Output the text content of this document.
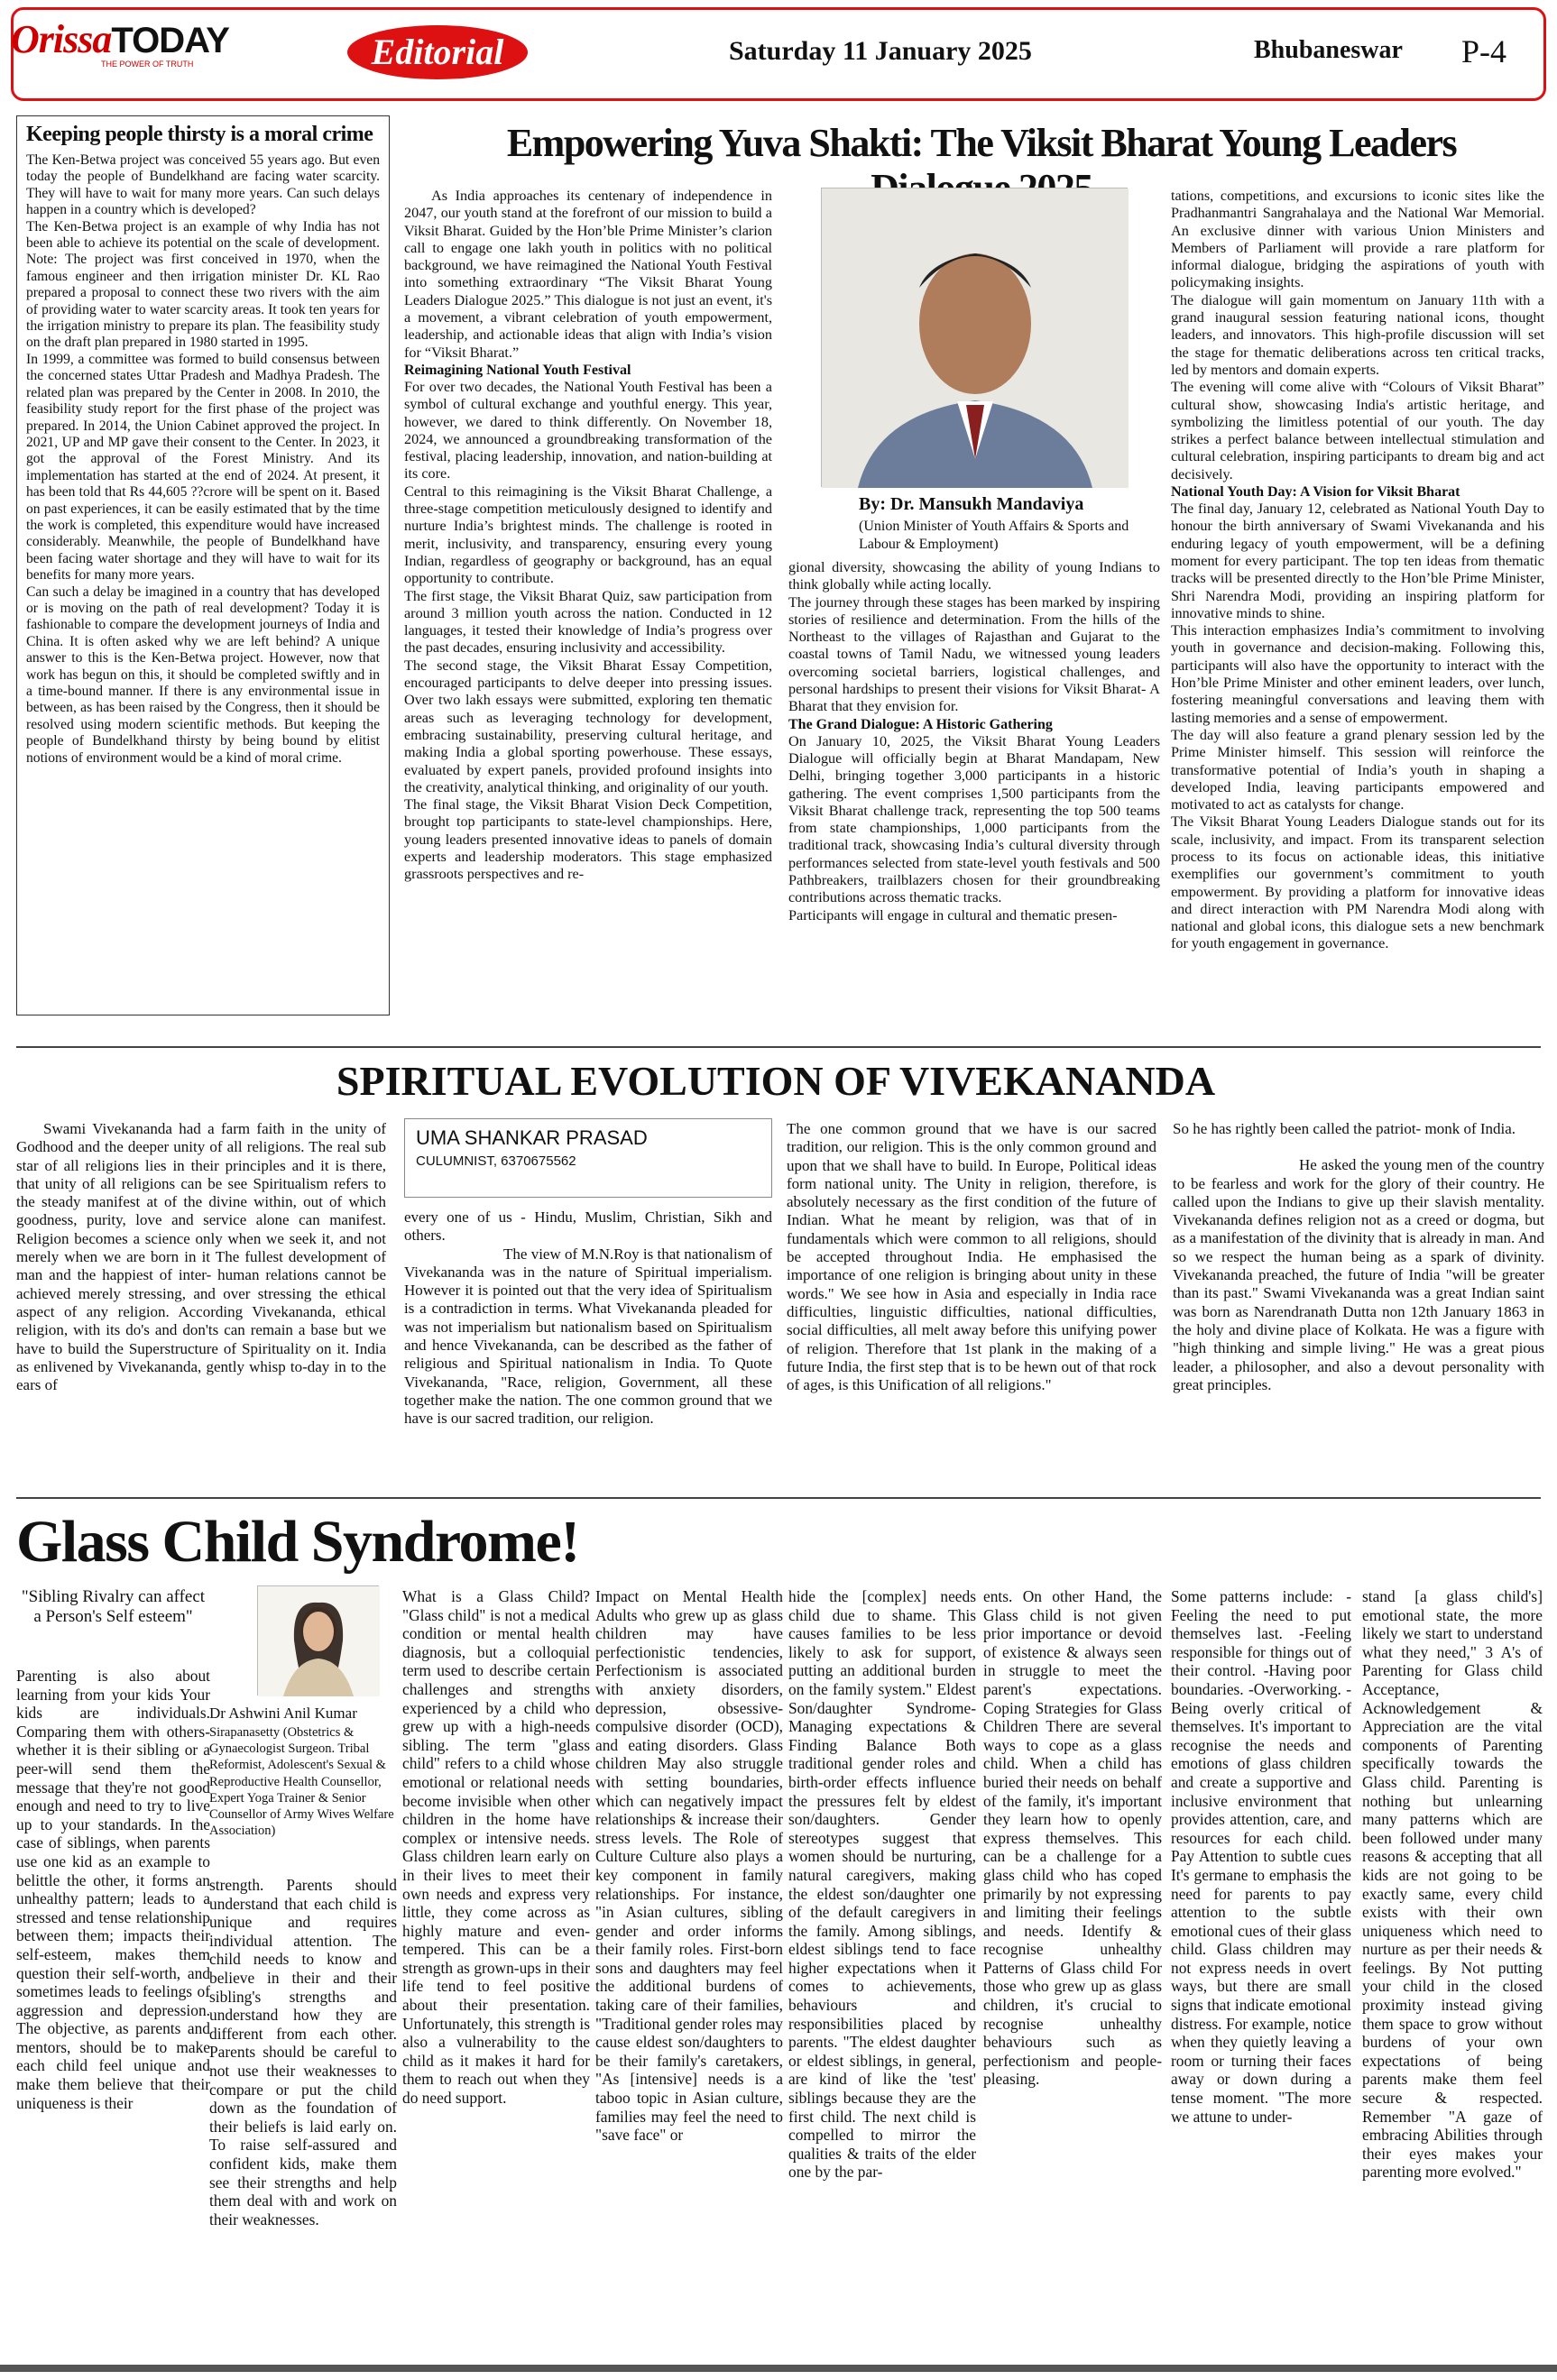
OrissaTODAY
THE POWER OF TRUTH	Editorial	Saturday 11 January 2025	Bhubaneswar P-4
Keeping people thirsty is a moral crime

The Ken-Betwa project was conceived 55 years ago. But even today the people of Bundelkhand are facing water scarcity. They will have to wait for many more years. Can such delays happen in a country which is developed?

The Ken-Betwa project is an example of why India has not been able to achieve its potential on the scale of development. Note: The project was first conceived in 1970, when the famous engineer and then irrigation minister Dr. KL Rao prepared a proposal to connect these two rivers with the aim of providing water to water scarcity areas. It took ten years for the irrigation ministry to prepare its plan. The feasibility study on the draft plan prepared in 1980 started in 1995.

In 1999, a committee was formed to build consensus between the concerned states Uttar Pradesh and Madhya Pradesh. The related plan was prepared by the Center in 2008. In 2010, the feasibility study report for the first phase of the project was prepared. In 2014, the Union Cabinet approved the project. In 2021, UP and MP gave their consent to the Center. In 2023, it got the approval of the Forest Ministry. And its implementation has started at the end of 2024. At present, it has been told that Rs 44,605 ??crore will be spent on it. Based on past experiences, it can be easily estimated that by the time the work is completed, this expenditure would have increased considerably. Meanwhile, the people of Bundelkhand have been facing water shortage and they will have to wait for its benefits for many more years.

Can such a delay be imagined in a country that has developed or is moving on the path of real development? Today it is fashionable to compare the development journeys of India and China. It is often asked why we are left behind? A unique answer to this is the Ken-Betwa project. However, now that work has begun on this, it should be completed swiftly and in a time-bound manner. If there is any environmental issue in between, as has been raised by the Congress, then it should be resolved using modern scientific methods. But keeping the people of Bundelkhand thirsty by being bound by elitist notions of environment would be a kind of moral crime.

Empowering Yuva Shakti: The Viksit Bharat Young Leaders

As India approaches its centenary of independence in 2047, our youth stand at the forefront of our mission to build a Viksit Bharat. Guided by the Hon’ble Prime Minister’s clarion call to engage one lakh youth in politics with no political background, we have reimagined the National Youth Festival into something extraordinary “The Viksit Bharat Young Leaders Dialogue 2025.” This dialogue is not just an event, it's a movement, a vibrant celebration of youth empowerment, leadership, and actionable ideas that align with India’s vision for “Viksit Bharat.”

Reimagining National Youth Festival

For over two decades, the National Youth Festival has been a symbol of cultural exchange and youthful energy. This year, however, we dared to think differently. On November 18, 2024, we announced a groundbreaking transformation of the festival, placing leadership, innovation, and nation-building at its core.

Central to this reimagining is the Viksit Bharat Challenge, a three-stage competition meticulously designed to identify and nurture India’s brightest minds. The challenge is rooted in merit, inclusivity, and transparency, ensuring every young Indian, regardless of geography or background, has an equal opportunity to contribute.

The first stage, the Viksit Bharat Quiz, saw participation from around 3 million youth across the nation. Conducted in 12 languages, it tested their knowledge of India’s progress over the past decades, ensuring inclusivity and accessibility.

The second stage, the Viksit Bharat Essay Competition, encouraged participants to delve deeper into pressing issues. Over two lakh essays were submitted, exploring ten thematic areas such as leveraging technology for development, embracing sustainability, preserving cultural heritage, and making India a global sporting powerhouse. These essays, evaluated by expert panels, provided profound insights into the creativity, analytical thinking, and originality of our youth.

The final stage, the Viksit Bharat Vision Deck Competition, brought top participants to state-level championships. Here, young leaders presented innovative ideas to panels of domain experts and leadership moderators. This stage emphasized grassroots perspectives and re-

By: Dr. Mansukh Mandaviya
(Union Minister of Youth Affairs & Sports and Labour & Employment)

gional diversity, showcasing the ability of young Indians to think globally while acting locally.

The journey through these stages has been marked by inspiring stories of resilience and determination. From the hills of the Northeast to the villages of Rajasthan and Gujarat to the coastal towns of Tamil Nadu, we witnessed young leaders overcoming societal barriers, logistical challenges, and personal hardships to present their visions for Viksit Bharat- A Bharat that they envision for.

The Grand Dialogue: A Historic Gathering

On January 10, 2025, the Viksit Bharat Young Leaders Dialogue will officially begin at Bharat Mandapam, New Delhi, bringing together 3,000 participants in a historic gathering. The event comprises 1,500 participants from the Viksit Bharat challenge track, representing the top 500 teams from state championships, 1,000 participants from the traditional track, showcasing India’s cultural diversity through performances selected from state-level youth festivals and 500 Pathbreakers, trailblazers chosen for their groundbreaking contributions across thematic tracks.

Participants will engage in cultural and thematic presen-

tations, competitions, and excursions to iconic sites like the Pradhanmantri Sangrahalaya and the National War Memorial. An exclusive dinner with various Union Ministers and Members of Parliament will provide a rare platform for informal dialogue, bridging the aspirations of youth with policymaking insights.

The dialogue will gain momentum on January 11th with a grand inaugural session featuring national icons, thought leaders, and innovators. This high-profile discussion will set the stage for thematic deliberations across ten critical tracks, led by mentors and domain experts.

The evening will come alive with “Colours of Viksit Bharat” cultural show, showcasing India's artistic heritage, and symbolizing the limitless potential of our youth. The day strikes a perfect balance between intellectual stimulation and cultural celebration, inspiring participants to dream big and act decisively.

National Youth Day: A Vision for Viksit Bharat

The final day, January 12, celebrated as National Youth Day to honour the birth anniversary of Swami Vivekananda and his enduring legacy of youth empowerment, will be a defining moment for every participant. The top ten ideas from thematic tracks will be presented directly to the Hon’ble Prime Minister, Shri Narendra Modi, providing an inspiring platform for innovative minds to shine.

This interaction emphasizes India’s commitment to involving youth in governance and decision-making. Following this, participants will also have the opportunity to interact with the Hon’ble Prime Minister and other eminent leaders, over lunch, fostering meaningful conversations and leaving them with lasting memories and a sense of empowerment.

The day will also feature a grand plenary session led by the Prime Minister himself. This session will reinforce the transformative potential of India’s youth in shaping a developed India, leaving participants empowered and motivated to act as catalysts for change.

The Viksit Bharat Young Leaders Dialogue stands out for its scale, inclusivity, and impact. From its transparent selection process to its focus on actionable ideas, this initiative exemplifies our government’s commitment to youth empowerment. By providing a platform for innovative ideas and direct interaction with PM Narendra Modi along with national and global icons, this dialogue sets a new benchmark for youth engagement in governance.

SPIRITUAL EVOLUTION OF VIVEKANANDA

Swami Vivekananda had a farm faith in the unity of Godhood and the deeper unity of all religions. The real sub star of all religions lies in their principles and it is there, that unity of all religions can be see Spiritualism refers to the steady manifest at of the divine within, out of which goodness, purity, love and service alone can manifest. Religion becomes a science only when we seek it, and not merely when we are born in it The fullest development of man and the happiest of inter- human relations cannot be achieved merely stressing, and over stressing the ethical aspect of any religion. According Vivekananda, ethical religion, with its do's and don'ts can remain a base but we have to build the Superstructure of Spirituality on it. India as enlivened by Vivekananda, gently whisp to-day in to the ears of

UMA SHANKAR PRASAD
CULUMNIST, 6370675562

every one of us - Hindu, Muslim, Christian, Sikh and others.

The view of M.N.Roy is that nationalism of Vivekananda was in the nature of Spiritual imperialism. However it is pointed out that the very idea of Spiritualism is a contradiction in terms. What Vivekananda pleaded for was not imperialism but nationalism based on Spiritualism and hence Vivekananda, can be described as the father of religious and Spiritual nationalism in India. To Quote Vivekananda, "Race, religion, Government, all these together make the nation. The one common ground that we have is our sacred tradition, our religion.

The one common ground that we have is our sacred tradition, our religion. This is the only common ground and upon that we shall have to build. In Europe, Political ideas form national unity. The Unity in religion, therefore, is absolutely necessary as the first condition of the future of Indian. What he meant by religion, was that of in fundamentals which were common to all religions, should be accepted throughout India. He emphasised the importance of one religion is bringing about unity in these words." We see how in Asia and especially in India race difficulties, linguistic difficulties, national difficulties, social difficulties, all melt away before this unifying power of religion. Therefore that 1st plank in the making of a future India, the first step that is to be hewn out of that rock of ages, is this Unification of all religions."

So he has rightly been called the patriot- monk of India.

He asked the young men of the country to be fearless and work for the glory of their country. He called upon the Indians to give up their slavish mentality. Vivekananda defines religion not as a creed or dogma, but as a manifestation of the divinity that is already in man. And so we respect the human being as a spark of divinity. Vivekananda preached, the future of India "will be greater than its past." Swami Vivekananda was a great Indian saint was born as Narendranath Dutta non 12th January 1863 in the holy and divine place of Kolkata. He was a figure with "high thinking and simple living." He was a great pious leader, a philosopher, and also a devout personality with great principles.

Glass Child Syndrome!
"Sibling Rivalry can affect a Person's Self esteem"

Parenting is also about learning from your kids Your kids are individuals. Comparing them with others-whether it is their sibling or a peer-will send them the message that they're not good enough and need to try to live up to your standards. In the case of siblings, when parents use one kid as an example to belittle the other, it forms an unhealthy pattern; leads to a stressed and tense relationship between them; impacts their self-esteem, makes them question their self-worth, and sometimes leads to feelings of aggression and depression. The objective, as parents and mentors, should be to make each child feel unique and make them believe that their uniqueness is their

Dr Ashwini Anil Kumar
Sirapanasetty (Obstetrics & Gynaecologist Surgeon. Tribal Reformist, Adolescent's Sexual & Reproductive Health Counsellor, Expert Yoga Trainer & Senior Counsellor of Army Wives Welfare Association)

strength. Parents should understand that each child is unique and requires individual attention. The child needs to know and believe in their and their sibling's strengths and understand how they are different from each other. Parents should be careful to not use their weaknesses to compare or put the child down as the foundation of their beliefs is laid early on. To raise self-assured and confident kids, make them see their strengths and help them deal with and work on their weaknesses.

What is a Glass Child? "Glass child" is not a medical condition or mental health diagnosis, but a colloquial term used to describe certain challenges and strengths experienced by a child who grew up with a high-needs sibling. The term "glass child" refers to a child whose emotional or relational needs become invisible when other children in the home have complex or intensive needs. Glass children learn early on in their lives to meet their own needs and express very little, they come across as highly mature and even-tempered. This can be a strength as grown-ups in their life tend to feel positive about their presentation. Unfortunately, this strength is also a vulnerability to the child as it makes it hard for them to reach out when they do need support.

Impact on Mental Health Adults who grew up as glass children may have perfectionistic tendencies, Perfectionism is associated with anxiety disorders, depression, obsessive-compulsive disorder (OCD), and eating disorders. Glass children May also struggle with setting boundaries, which can negatively impact relationships & increase their stress levels. The Role of Culture Culture also plays a key component in family relationships. For instance, "in Asian cultures, sibling gender and order informs their family roles. First-born sons and daughters may feel the additional burdens of taking care of their families, "Traditional gender roles may cause eldest son/daughters to be their family's caretakers, "As [intensive] needs is a taboo topic in Asian culture, families may feel the need to "save face" or

hide the [complex] needs child due to shame. This causes families to be less likely to ask for support, putting an additional burden on the family system." Eldest Son/daughter Syndrome-Managing expectations & Finding Balance Both traditional gender roles and birth-order effects influence the pressures felt by eldest son/daughters. Gender stereotypes suggest that women should be nurturing, natural caregivers, making the eldest son/daughter one of the default caregivers in the family. Among siblings, eldest siblings tend to face higher expectations when it comes to achievements, behaviours and responsibilities placed by parents. "The eldest daughter or eldest siblings, in general, are kind of like the 'test' siblings because they are the first child. The next child is compelled to mirror the qualities & traits of the elder one by the par-

ents. On other Hand, the Glass child is not given prior importance or devoid of existence & always seen in struggle to meet the parent's expectations. Coping Strategies for Glass Children There are several ways to cope as a glass child. When a child has buried their needs on behalf of the family, it's important they learn how to openly express themselves. This can be a challenge for a glass child who has coped primarily by not expressing and limiting their feelings and needs. Identify & recognise unhealthy Patterns of Glass child For those who grew up as glass children, it's crucial to recognise unhealthy behaviours such as perfectionism and people-pleasing.

Some patterns include: -Feeling the need to put themselves last. -Feeling responsible for things out of their control. -Having poor boundaries. -Overworking. -Being overly critical of themselves. It's important to recognise the needs and emotions of glass children and create a supportive and inclusive environment that provides attention, care, and resources for each child. Pay Attention to subtle cues It's germane to emphasis the need for parents to pay attention to the subtle emotional cues of their glass child. Glass children may not express needs in overt ways, but there are small signs that indicate emotional distress. For example, notice when they quietly leaving a room or turning their faces away or down during a tense moment. "The more we attune to under-

stand [a glass child's] emotional state, the more likely we start to understand what they need," 3 A's of Parenting for Glass child Acceptance, Acknowledgement & Appreciation are the vital components of Parenting specifically towards the Glass child. Parenting is nothing but unlearning many patterns which are been followed under many reasons & accepting that all kids are not going to be exactly same, every child exists with their own uniqueness which need to nurture as per their needs & feelings. By Not putting your child in the closed proximity instead giving them space to grow without burdens of your own expectations of being parents make them feel secure & respected. Remember "A gaze of embracing Abilities through their eyes makes your parenting more evolved."
